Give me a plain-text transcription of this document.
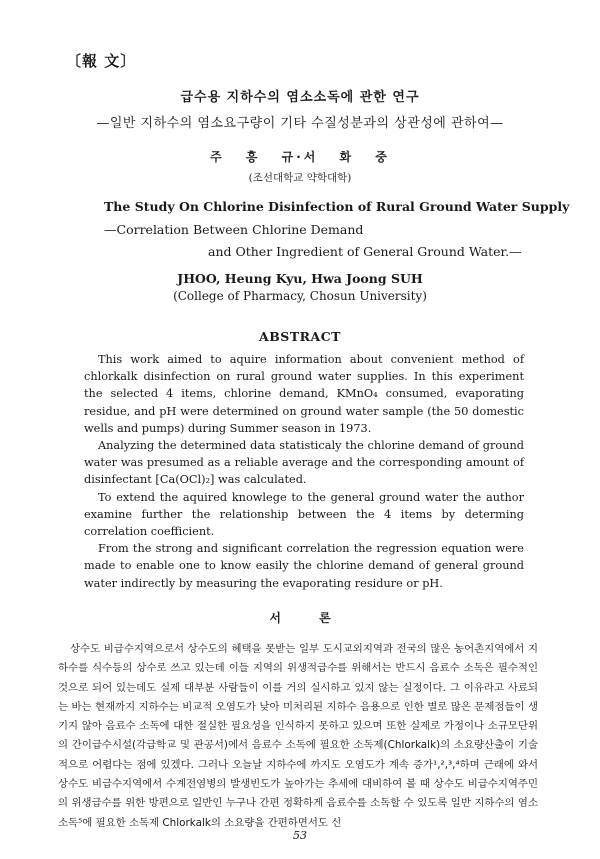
〔報 文〕
급수용 지하수의 염소소독에 관한 연구
—일반 지하수의 염소요구량이 기타 수질성분과의 상관성에 관하여—
주 흥 규·서 화 중
(조선대학교 약학대학)
The Study On Chlorine Disinfection of Rural Ground Water Supply
—Correlation Between Chlorine Demand
and Other Ingredient of General Ground Water.—
JHOO, Heung Kyu, Hwa Joong SUH
(College of Pharmacy, Chosun University)
ABSTRACT

This work aimed to aquire information about convenient method of chlorkalk disinfection on rural ground water supplies. In this experiment the selected 4 items, chlorine demand, KMnO₄ consumed, evaporating residue, and pH were determined on ground water sample (the 50 domestic wells and pumps) during Summer season in 1973.

Analyzing the determined data statisticaly the chlorine demand of ground water was presumed as a reliable average and the corresponding amount of disinfectant [Ca(OCl)₂] was calculated.

To extend the aquired knowlege to the general ground water the author examine further the relationship between the 4 items by determing correlation coefficient.

From the strong and significant correlation the regression equation were made to enable one to know easily the chlorine demand of general ground water indirectly by measuring the evaporating residure or pH.

서 론

상수도 비급수지역으로서 상수도의 혜택을 못받는 일부 도시교외지역과 전국의 많은 농어촌지역에서 지하수를 식수등의 상수로 쓰고 있는데 이들 지역의 위생적급수를 위해서는 반드시 음료수 소독은 필수적인 것으로 되어 있는데도 실제 대부분 사람들이 이를 거의 실시하고 있지 않는 실정이다. 그 이유라고 사료되는 바는 현재까지 지하수는 비교적 오염도가 낮아 미처리된 지하수 음용으로 인한 별로 많은 문제점들이 생기지 않아 음료수 소독에 대한 절실한 필요성을 인식하지 못하고 있으며 또한 실제로 가정이나 소규모단위의 간이급수시설(각급학교 및 관공서)에서 음료수 소독에 필요한 소독제(Chlorkalk)의 소요량산출이 기술적으로 어렵다는 점에 있겠다. 그러나 오늘날 지하수에 까지도 오염도가 계속 증가¹,²,³,⁴하며 근래에 와서 상수도 비급수지역에서 수계전염병의 발생빈도가 높아가는 추세에 대비하여 볼 때 상수도 비급수지역주민의 위생급수를 위한 방편으로 일반인 누구나 간편 정확하게 음료수를 소독할 수 있도록 일반 지하수의 염소소독⁵에 필요한 소독제 Chlorkalk의 소요량을 간편하면서도 신

53
